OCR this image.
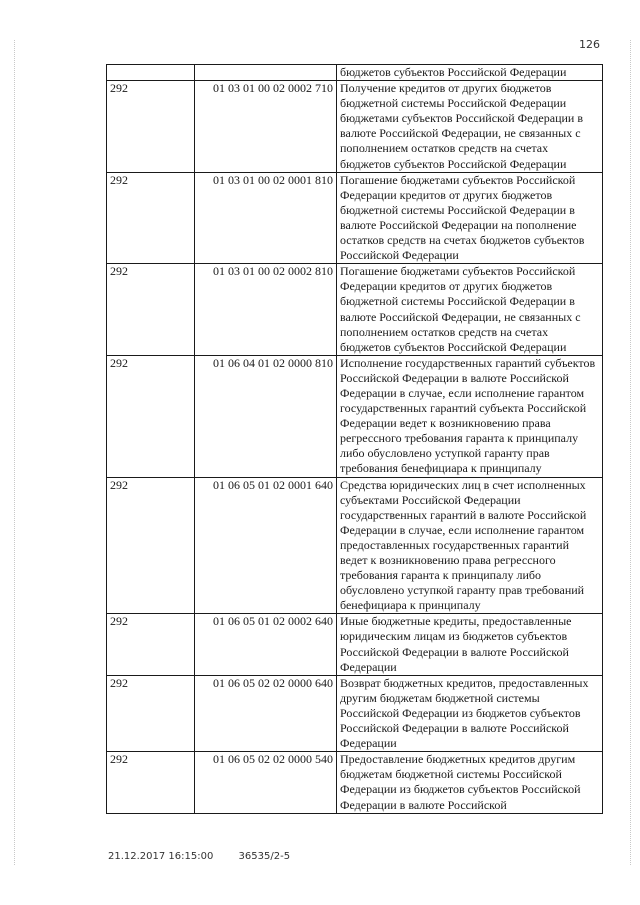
126
		бюджетов субъектов Российской Федерации
292	01 03 01 00 02 0002 710	Получение кредитов от других бюджетов бюджетной системы Российской Федерации бюджетами субъектов Российской Федерации в валюте Российской Федерации, не связанных с пополнением остатков средств на счетах бюджетов субъектов Российской Федерации
292	01 03 01 00 02 0001 810	Погашение бюджетами субъектов Российской Федерации кредитов от других бюджетов бюджетной системы Российской Федерации в валюте Российской Федерации на пополнение остатков средств на счетах бюджетов субъектов Российской Федерации
292	01 03 01 00 02 0002 810	Погашение бюджетами субъектов Российской Федерации кредитов от других бюджетов бюджетной системы Российской Федерации в валюте Российской Федерации, не связанных с пополнением остатков средств на счетах бюджетов субъектов Российской Федерации
292	01 06 04 01 02 0000 810	Исполнение государственных гарантий субъектов Российской Федерации в валюте Российской Федерации в случае, если исполнение гарантом государственных гарантий субъекта Российской Федерации ведет к возникновению права регрессного требования гаранта к принципалу либо обусловлено уступкой гаранту прав требования бенефициара к принципалу
292	01 06 05 01 02 0001 640	Средства юридических лиц в счет исполненных субъектами Российской Федерации государственных гарантий в валюте Российской Федерации в случае, если исполнение гарантом предоставленных государственных гарантий ведет к возникновению права регрессного требования гаранта к принципалу либо обусловлено уступкой гаранту прав требований бенефициара к принципалу
292	01 06 05 01 02 0002 640	Иные бюджетные кредиты, предоставленные юридическим лицам из бюджетов субъектов Российской Федерации в валюте Российской Федерации
292	01 06 05 02 02 0000 640	Возврат бюджетных кредитов, предоставленных другим бюджетам бюджетной системы Российской Федерации из бюджетов субъектов Российской Федерации в валюте Российской Федерации
292	01 06 05 02 02 0000 540	Предоставление бюджетных кредитов другим бюджетам бюджетной системы Российской Федерации из бюджетов субъектов Российской Федерации в валюте Российской
21.12.2017 16:15:00	36535/2-5
